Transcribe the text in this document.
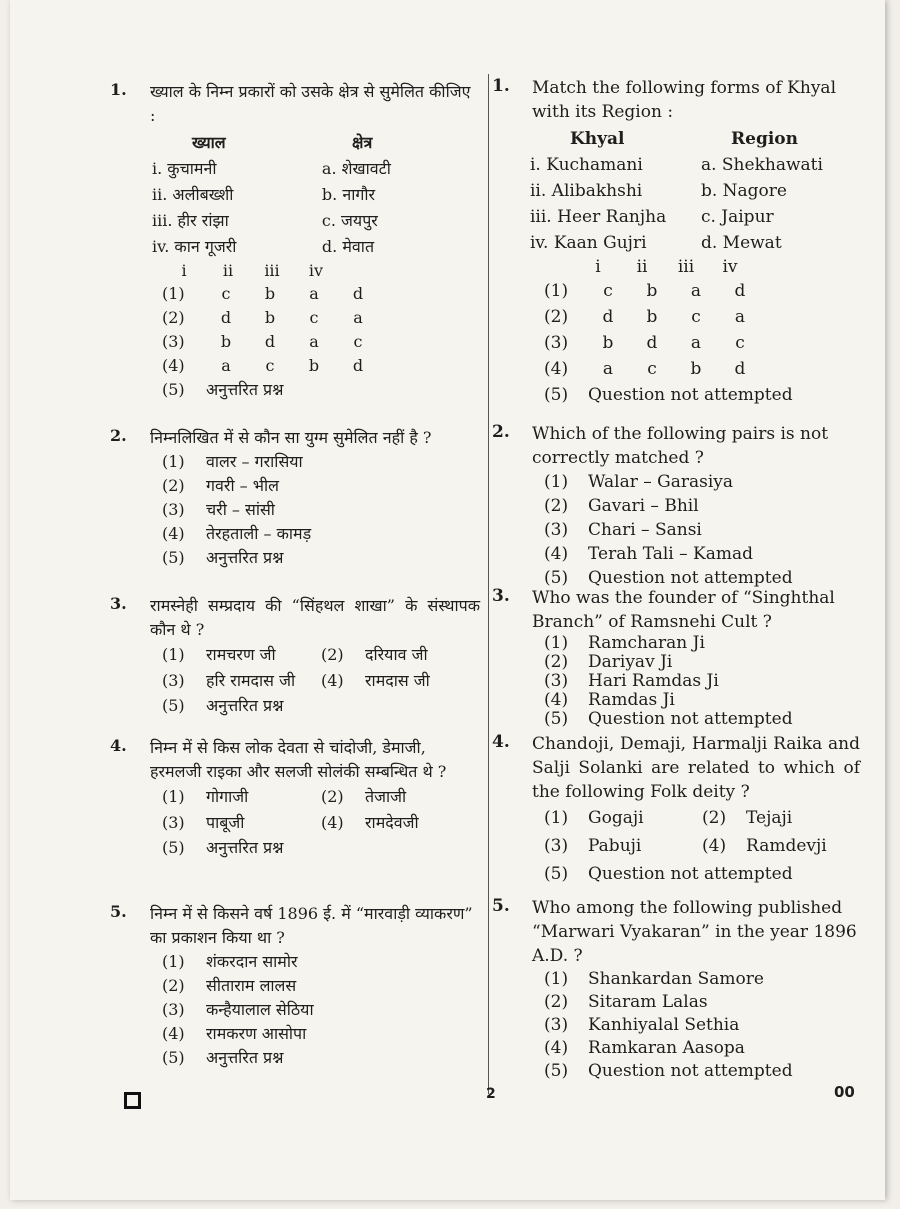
1.	ख्याल के निम्न प्रकारों को उसके क्षेत्र से सुमेलित कीजिए :
ख्याल	क्षेत्र
i. कुचामनी	a. शेखावटी
ii. अलीबख्शी	b. नागौर
iii. हीर रांझा	c. जयपुर
iv. कान गूजरी	d. मेवात
i	ii	iii	iv
(1)	c	b	a	d
(2)	d	b	c	a
(3)	b	d	a	c
(4)	a	c	b	d
(5)	अनुत्तरित प्रश्न
2.	निम्नलिखित में से कौन सा युग्म सुमेलित नहीं है ?
(1)	वालर – गरासिया
(2)	गवरी – भील
(3)	चरी – सांसी
(4)	तेरहताली – कामड़
(5)	अनुत्तरित प्रश्न
3.	रामस्नेही सम्प्रदाय की “सिंहथल शाखा” के संस्थापक कौन थे ?
(1)	रामचरण जी	(2)	दरियाव जी
(3)	हरि रामदास जी (4)	रामदास जी
(5)	अनुत्तरित प्रश्न
4.	निम्न में से किस लोक देवता से चांदोजी, डेमाजी, हरमलजी राइका और सलजी सोलंकी सम्बन्धित थे ?
(1)	गोगाजी	(2)	तेजाजी
(3)	पाबूजी	(4)	रामदेवजी
(5)	अनुत्तरित प्रश्न
5.	निम्न में से किसने वर्ष 1896 ई. में “मारवाड़ी व्याकरण” का प्रकाशन किया था ?
(1)	शंकरदान सामोर
(2)	सीताराम लालस
(3)	कन्हैयालाल सेठिया
(4)	रामकरण आसोपा
(5)	अनुत्तरित प्रश्न
1.	Match the following forms of Khyal with its Region :
Khyal	Region
i. Kuchamani	a. Shekhawati
ii. Alibakhshi	b. Nagore
iii. Heer Ranjha	c. Jaipur
iv. Kaan Gujri	d. Mewat
i	ii	iii	iv
(1)	c	b	a	d
(2)	d	b	c	a
(3)	b	d	a	c
(4)	a	c	b	d
(5)	Question not attempted
2.	Which of the following pairs is not correctly matched ?
(1)	Walar – Garasiya
(2)	Gavari – Bhil
(3)	Chari – Sansi
(4)	Terah Tali – Kamad
(5)	Question not attempted
3.	Who was the founder of “Singhthal Branch” of Ramsnehi Cult ?
(1)	Ramcharan Ji
(2)	Dariyav Ji
(3)	Hari Ramdas Ji
(4)	Ramdas Ji
(5)	Question not attempted
4.	Chandoji, Demaji, Harmalji Raika and Salji Solanki are related to which of the following Folk deity ?
(1)	Gogaji	(2)	Tejaji
(3)	Pabuji	(4)	Ramdevji
(5)	Question not attempted
5.	Who among the following published “Marwari Vyakaran” in the year 1896 A.D. ?
(1)	Shankardan Samore
(2)	Sitaram Lalas
(3)	Kanhiyalal Sethia
(4)	Ramkaran Aasopa
(5)	Question not attempted
2	00
